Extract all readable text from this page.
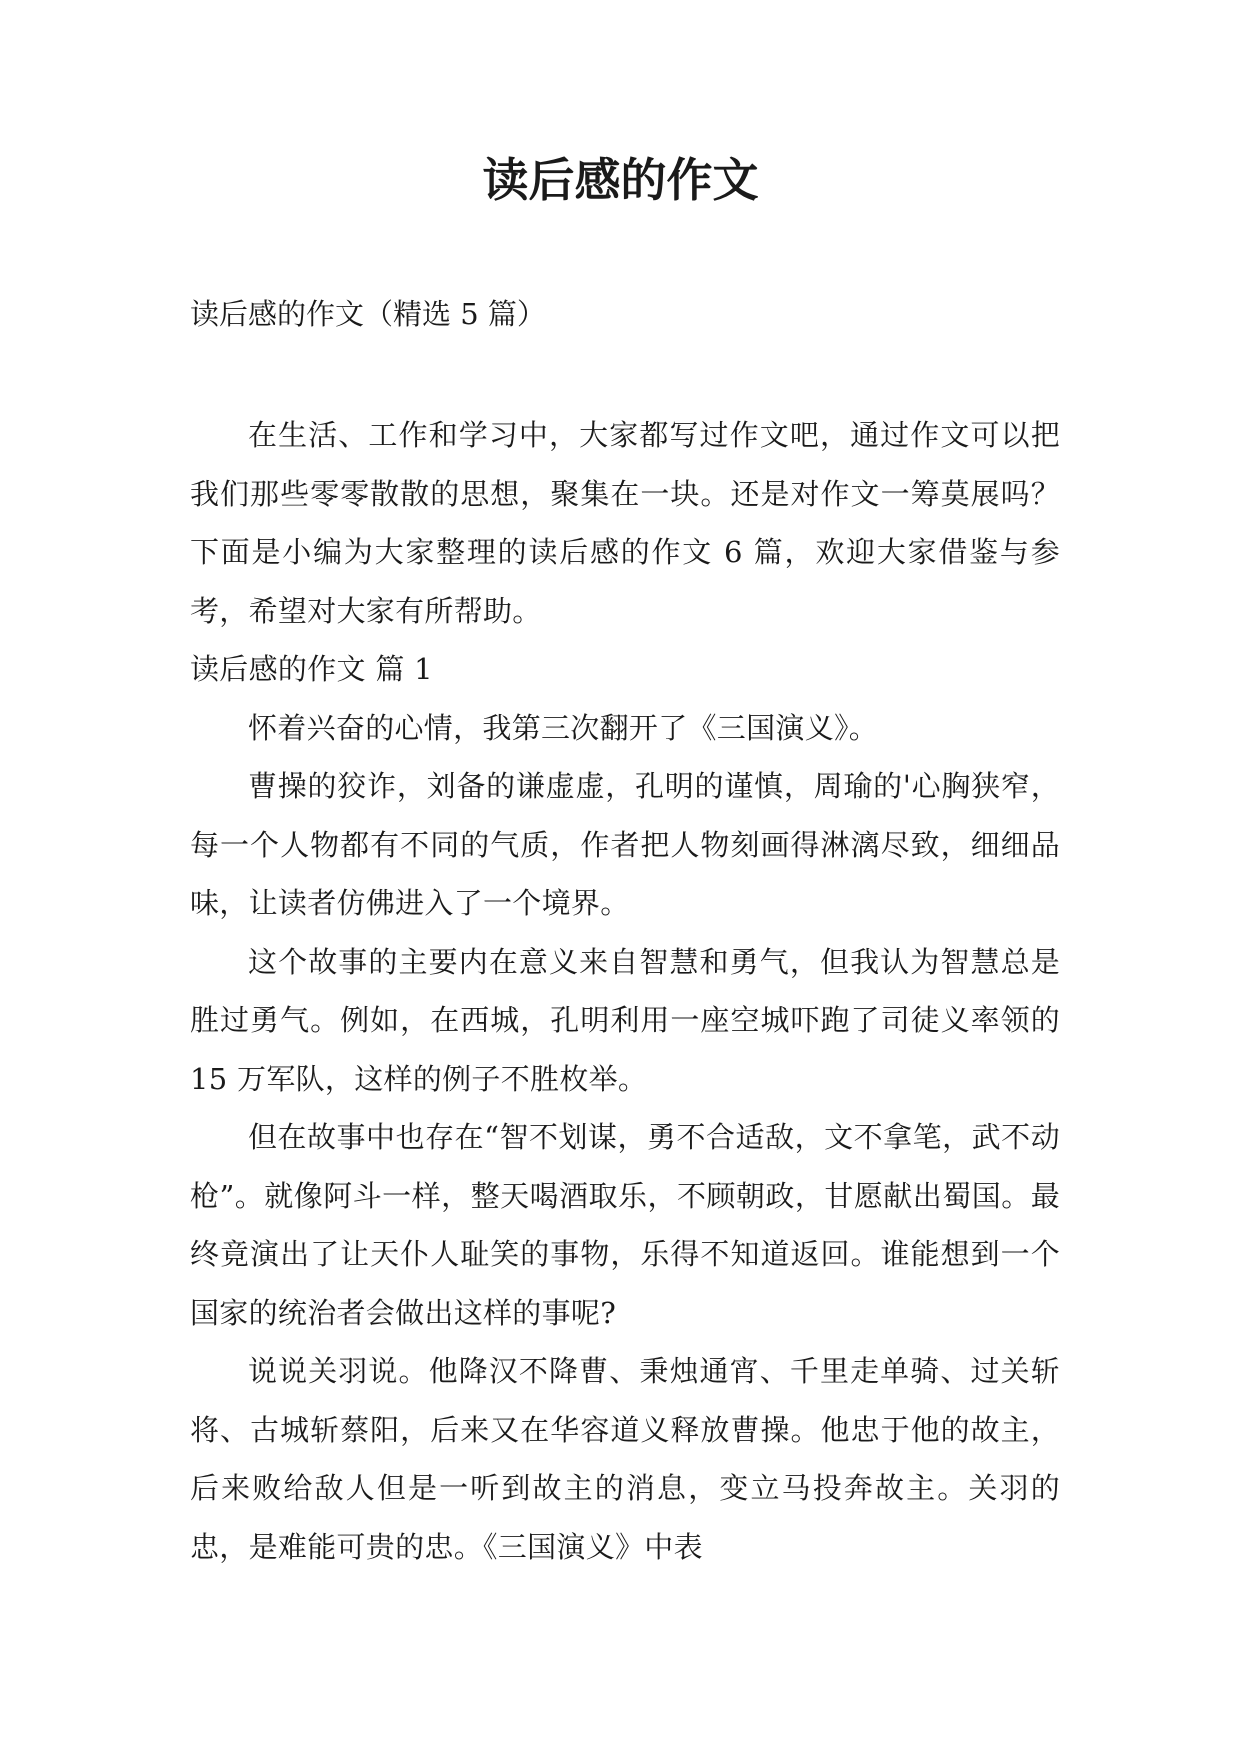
读后感的作文

读后感的作文（精选 5 篇）

在生活、工作和学习中，大家都写过作文吧，通过作文可以把我们那些零零散散的思想，聚集在一块。还是对作文一筹莫展吗？下面是小编为大家整理的读后感的作文 6 篇，欢迎大家借鉴与参考，希望对大家有所帮助。

读后感的作文 篇 1

怀着兴奋的心情，我第三次翻开了《三国演义》。

曹操的狡诈，刘备的谦虚虚，孔明的谨慎，周瑜的'心胸狭窄，每一个人物都有不同的气质，作者把人物刻画得淋漓尽致，细细品味，让读者仿佛进入了一个境界。

这个故事的主要内在意义来自智慧和勇气，但我认为智慧总是胜过勇气。例如，在西城，孔明利用一座空城吓跑了司徒义率领的 15 万军队，这样的例子不胜枚举。

但在故事中也存在“智不划谋，勇不合适敌，文不拿笔，武不动枪”。就像阿斗一样，整天喝酒取乐，不顾朝政，甘愿献出蜀国。最终竟演出了让天仆人耻笑的事物，乐得不知道返回。谁能想到一个国家的统治者会做出这样的事呢?

说说关羽说。他降汉不降曹、秉烛通宵、千里走单骑、过关斩将、古城斩蔡阳，后来又在华容道义释放曹操。他忠于他的故主，后来败给敌人但是一听到故主的消息，变立马投奔故主。关羽的忠，是难能可贵的忠。《三国演义》中表
